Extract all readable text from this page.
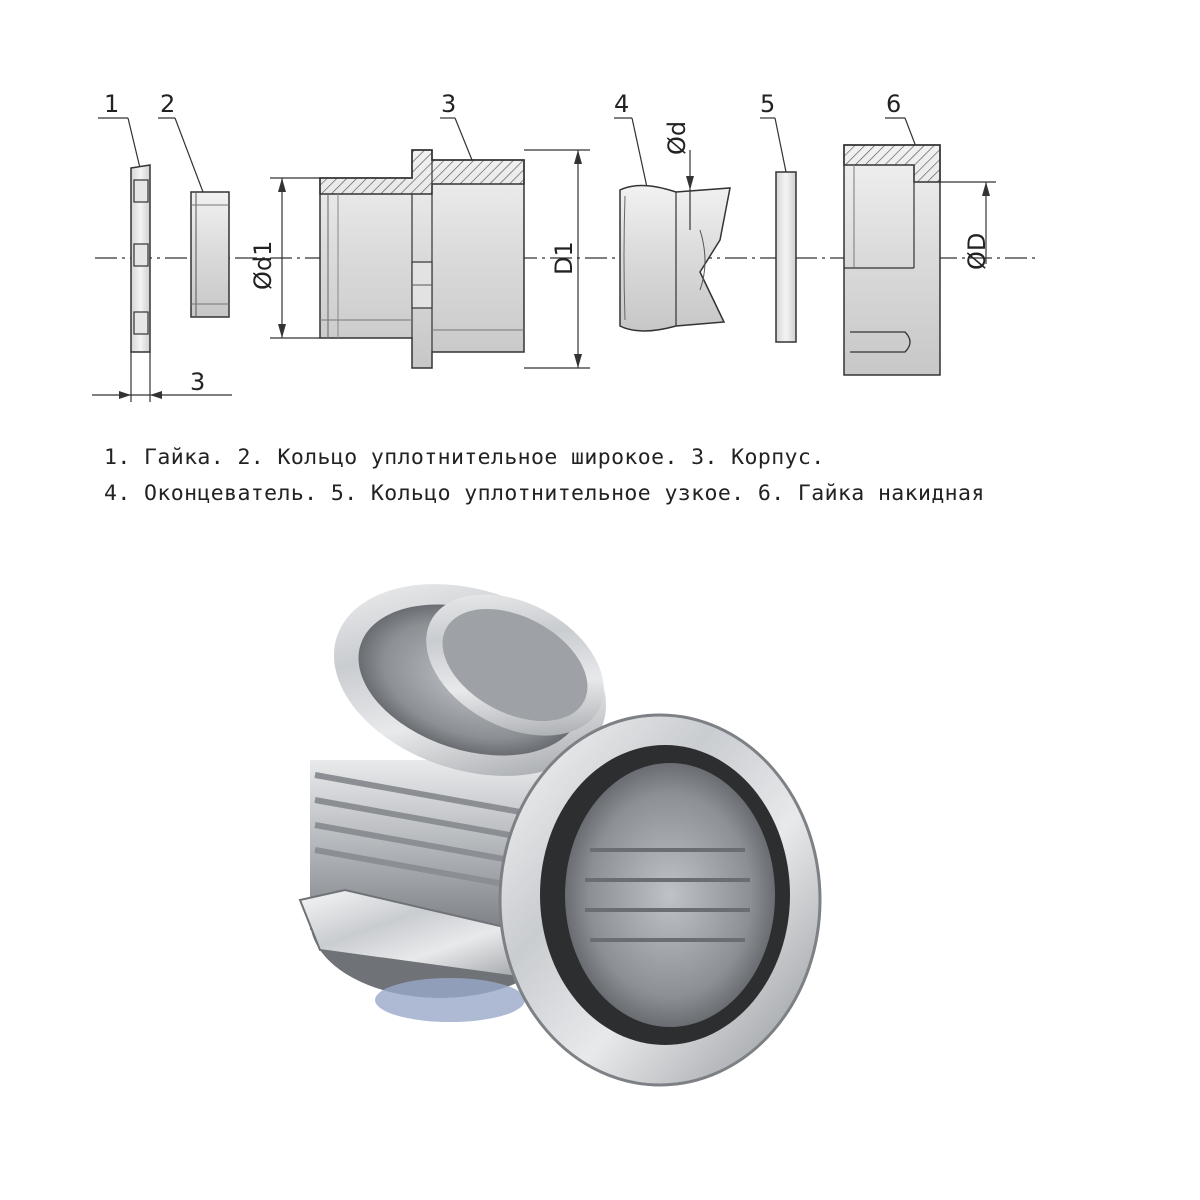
1
3
2	3
Ød1	D1
4
Ød
5	6
ØD
1. Гайка. 2. Кольцо уплотнительное широкое. 3. Корпус.
4. Оконцеватель. 5. Кольцо уплотнительное узкое. 6. Гайка накидная
